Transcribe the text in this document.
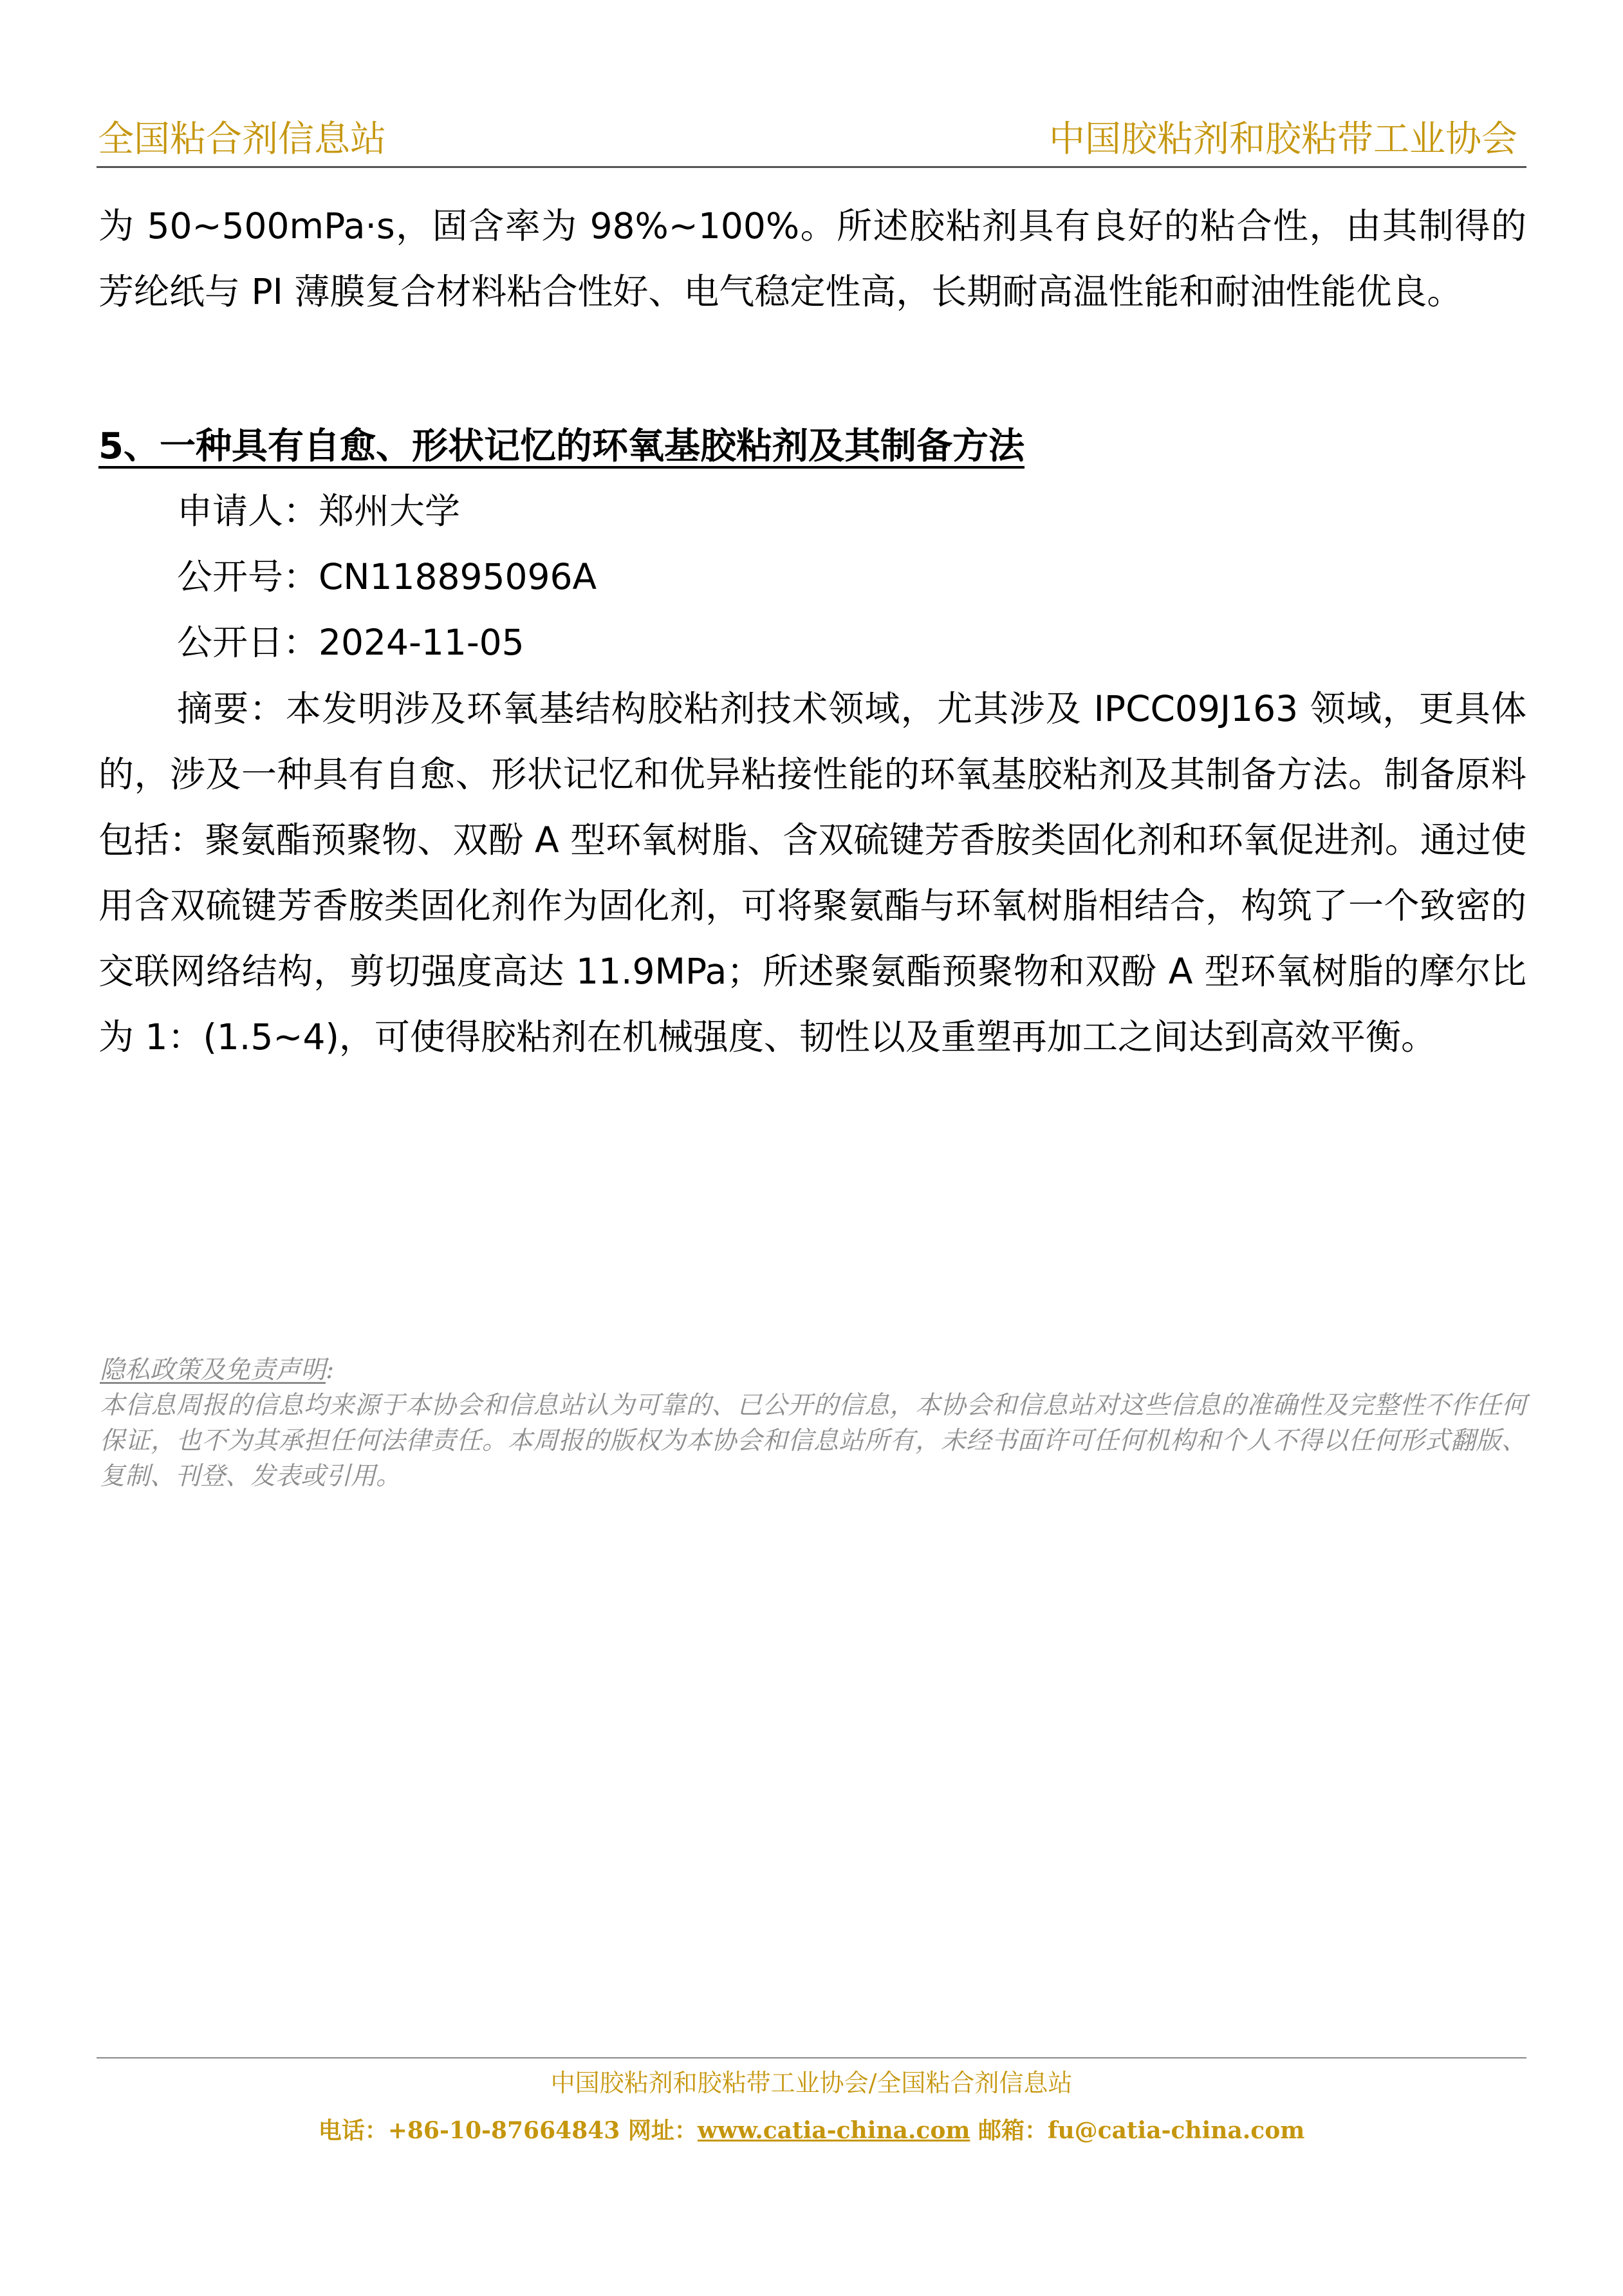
全国粘合剂信息站	中国胶粘剂和胶粘带工业协会
为 50~500mPa·s，固含率为 98%~100%。所述胶粘剂具有良好的粘合性，由其制得的芳纶纸与 PI 薄膜复合材料粘合性好、电气稳定性高，长期耐高温性能和耐油性能优良。
5、一种具有自愈、形状记忆的环氧基胶粘剂及其制备方法
申请人：郑州大学
公开号：CN118895096A
公开日：2024-11-05
摘要：本发明涉及环氧基结构胶粘剂技术领域，尤其涉及 IPCC09J163 领域，更具体的，涉及一种具有自愈、形状记忆和优异粘接性能的环氧基胶粘剂及其制备方法。制备原料包括：聚氨酯预聚物、双酚 A 型环氧树脂、含双硫键芳香胺类固化剂和环氧促进剂。通过使用含双硫键芳香胺类固化剂作为固化剂，可将聚氨酯与环氧树脂相结合，构筑了一个致密的交联网络结构，剪切强度高达 11.9MPa；所述聚氨酯预聚物和双酚 A 型环氧树脂的摩尔比为 1：(1.5~4)，可使得胶粘剂在机械强度、韧性以及重塑再加工之间达到高效平衡。
隐私政策及免责声明:
本信息周报的信息均来源于本协会和信息站认为可靠的、已公开的信息，本协会和信息站对这些信息的准确性及完整性不作任何保证，也不为其承担任何法律责任。本周报的版权为本协会和信息站所有，未经书面许可任何机构和个人不得以任何形式翻版、复制、刊登、发表或引用。
中国胶粘剂和胶粘带工业协会/全国粘合剂信息站
电话：+86-10-87664843 网址：www.catia-china.com 邮箱：fu@catia-china.com
